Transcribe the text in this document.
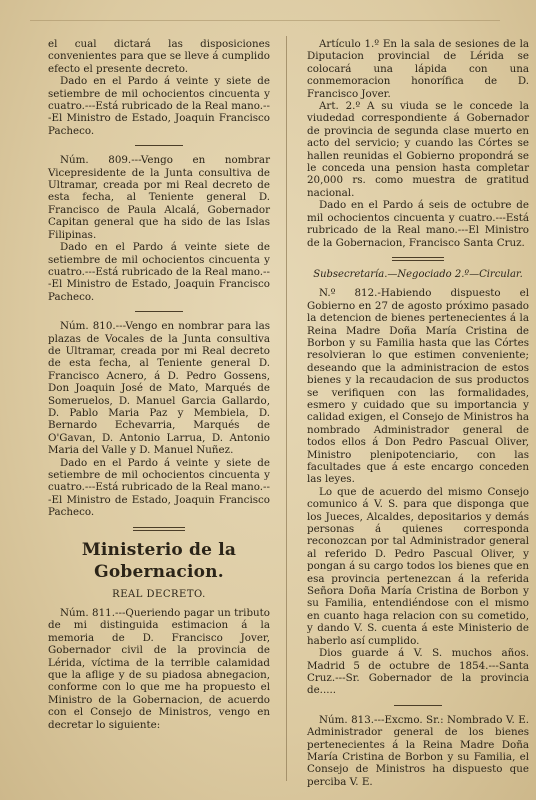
el cual dictará las disposiciones convenientes para que se lleve á cumplido efecto el presente decreto.

Dado en el Pardo á veinte y siete de setiembre de mil ochocientos cincuenta y cuatro.---Está rubricado de la Real mano.---El Ministro de Estado, Joaquin Francisco Pacheco.

Núm. 809.---Vengo en nombrar Vicepresidente de la Junta consultiva de Ultramar, creada por mi Real decreto de esta fecha, al Teniente general D. Francisco de Paula Alcalá, Gobernador Capitan general que ha sido de las Islas Filipinas.

Dado en el Pardo á veinte siete de setiembre de mil ochocientos cincuenta y cuatro.---Está rubricado de la Real mano.---El Ministro de Estado, Joaquin Francisco Pacheco.

Núm. 810.---Vengo en nombrar para las plazas de Vocales de la Junta consultiva de Ultramar, creada por mi Real decreto de esta fecha, al Teniente general D. Francisco Acnero, á D. Pedro Gossens, Don Joaquin José de Mato, Marqués de Someruelos, D. Manuel Garcia Gallardo, D. Pablo Maria Paz y Membiela, D. Bernardo Echevarria, Marqués de O'Gavan, D. Antonio Larrua, D. Antonio Maria del Valle y D. Manuel Nuñez.

Dado en el Pardo á veinte y siete de setiembre de mil ochocientos cincuenta y cuatro.---Está rubricado de la Real mano.---El Ministro de Estado, Joaquin Francisco Pacheco.

Ministerio de la Gobernacion.
REAL DECRETO.

Núm. 811.---Queriendo pagar un tributo de mi distinguida estimacion á la memoria de D. Francisco Jover, Gobernador civil de la provincia de Lérida, víctima de la terrible calamidad que la aflige y de su piadosa abnegacion, conforme con lo que me ha propuesto el Ministro de la Gobernacion, de acuerdo con el Consejo de Ministros, vengo en decretar lo siguiente:

Artículo 1.º En la sala de sesiones de la Diputacion provincial de Lérida se colocará una lápida con una conmemoracion honorífica de D. Francisco Jover.

Art. 2.º A su viuda se le concede la viudedad correspondiente á Gobernador de provincia de segunda clase muerto en acto del servicio; y cuando las Córtes se hallen reunidas el Gobierno propondrá se le conceda una pension hasta completar 20,000 rs. como muestra de gratitud nacional.

Dado en el Pardo á seis de octubre de mil ochocientos cincuenta y cuatro.---Está rubricado de la Real mano.---El Ministro de la Gobernacion, Francisco Santa Cruz.

Subsecretaría.—Negociado 2.º—Circular.

N.º 812.-Habiendo dispuesto el Gobierno en 27 de agosto próximo pasado la detencion de bienes pertenecientes á la Reina Madre Doña María Cristina de Borbon y su Familia hasta que las Córtes resolvieran lo que estimen conveniente; deseando que la administracion de estos bienes y la recaudacion de sus productos se verifiquen con las formalidades, esmero y cuidado que su importancia y calidad exigen, el Consejo de Ministros ha nombrado Administrador general de todos ellos á Don Pedro Pascual Oliver, Ministro plenipotenciario, con las facultades que á este encargo conceden las leyes.

Lo que de acuerdo del mismo Consejo comunico á V. S. para que disponga que los Jueces, Alcaldes, depositarios y demás personas á quienes corresponda reconozcan por tal Administrador general al referido D. Pedro Pascual Oliver, y pongan á su cargo todos los bienes que en esa provincia pertenezcan á la referida Señora Doña María Cristina de Borbon y su Familia, entendiéndose con el mismo en cuanto haga relacion con su cometido, y dando V. S. cuenta á este Ministerio de haberlo así cumplido.

Dios guarde á V. S. muchos años. Madrid 5 de octubre de 1854.---Santa Cruz.---Sr. Gobernador de la provincia de.....

Núm. 813.---Excmo. Sr.: Nombrado V. E. Administrador general de los bienes pertenecientes á la Reina Madre Doña María Cristina de Borbon y su Familia, el Consejo de Ministros ha dispuesto que perciba V. E.
